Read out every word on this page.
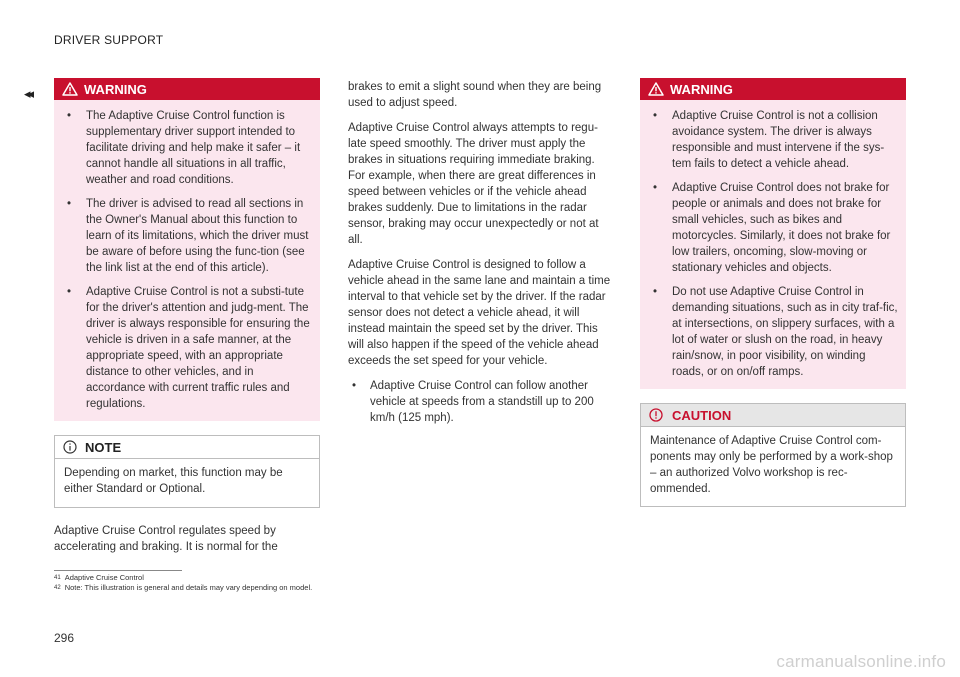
DRIVER SUPPORT
◂◂	WARNING
• The Adaptive Cruise Control function is supplementary driver support intended to facilitate driving and help make it safer – it cannot handle all situations in all traffic, weather and road conditions.
• The driver is advised to read all sections in the Owner's Manual about this function to learn of its limitations, which the driver must be aware of before using the func-tion (see the link list at the end of this article).
• Adaptive Cruise Control is not a substi-tute for the driver's attention and judg-ment. The driver is always responsible for ensuring the vehicle is driven in a safe manner, at the appropriate speed, with an appropriate distance to other vehicles, and in accordance with current traffic rules and regulations.
NOTE
Depending on market, this function may be either Standard or Optional.

Adaptive Cruise Control regulates speed by accelerating and braking. It is normal for the

brakes to emit a slight sound when they are being used to adjust speed.

Adaptive Cruise Control always attempts to regu-late speed smoothly. The driver must apply the brakes in situations requiring immediate braking. For example, when there are great differences in speed between vehicles or if the vehicle ahead brakes suddenly. Due to limitations in the radar sensor, braking may occur unexpectedly or not at all.

Adaptive Cruise Control is designed to follow a vehicle ahead in the same lane and maintain a time interval to that vehicle set by the driver. If the radar sensor does not detect a vehicle ahead, it will instead maintain the speed set by the driver. This will also happen if the speed of the vehicle ahead exceeds the set speed for your vehicle.

• Adaptive Cruise Control can follow another vehicle at speeds from a standstill up to 200 km/h (125 mph).
WARNING
• Adaptive Cruise Control is not a collision avoidance system. The driver is always responsible and must intervene if the sys-tem fails to detect a vehicle ahead.
• Adaptive Cruise Control does not brake for people or animals and does not brake for small vehicles, such as bikes and motorcycles. Similarly, it does not brake for low trailers, oncoming, slow-moving or stationary vehicles and objects.
• Do not use Adaptive Cruise Control in demanding situations, such as in city traf-fic, at intersections, on slippery surfaces, with a lot of water or slush on the road, in heavy rain/snow, in poor visibility, on winding roads, or on on/off ramps.
CAUTION
Maintenance of Adaptive Cruise Control com-ponents may only be performed by a work-shop – an authorized Volvo workshop is rec-ommended.
$^{41}$ Adaptive Cruise Control
$^{42}$ Note: This illustration is general and details may vary depending on model.
296
carmanualsonline.info
